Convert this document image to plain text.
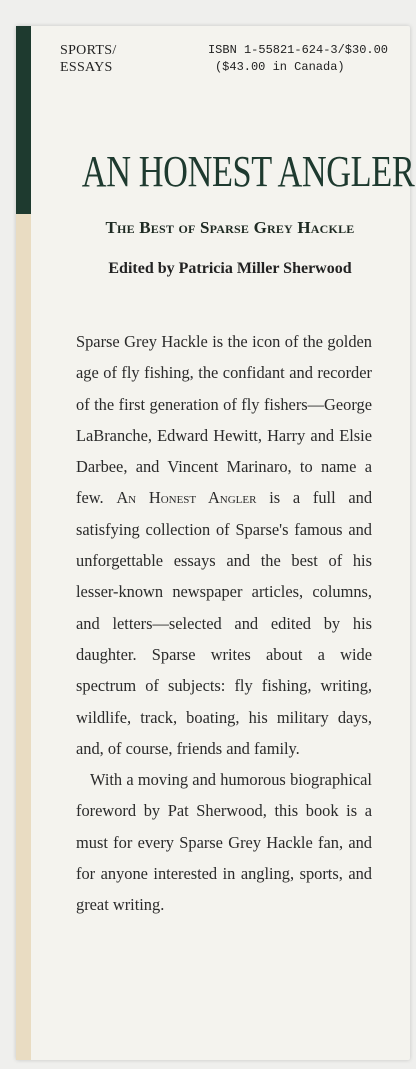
SPORTS/
ESSAYS
ISBN 1-55821-624-3/$30.00
($43.00 in Canada)
AN HONEST ANGLER
The Best of Sparse Grey Hackle
Edited by Patricia Miller Sherwood

Sparse Grey Hackle is the icon of the golden age of fly fishing, the confidant and recorder of the first generation of fly fishers—George LaBranche, Edward Hewitt, Harry and Elsie Darbee, and Vincent Marinaro, to name a few. An Honest Angler is a full and satisfying collection of Sparse's famous and unforgettable essays and the best of his lesser-known newspaper articles, columns, and letters—selected and edited by his daughter. Sparse writes about a wide spectrum of subjects: fly fishing, writing, wildlife, track, boating, his military days, and, of course, friends and family.

With a moving and humorous biographical foreword by Pat Sherwood, this book is a must for every Sparse Grey Hackle fan, and for anyone interested in angling, sports, and great writing.
